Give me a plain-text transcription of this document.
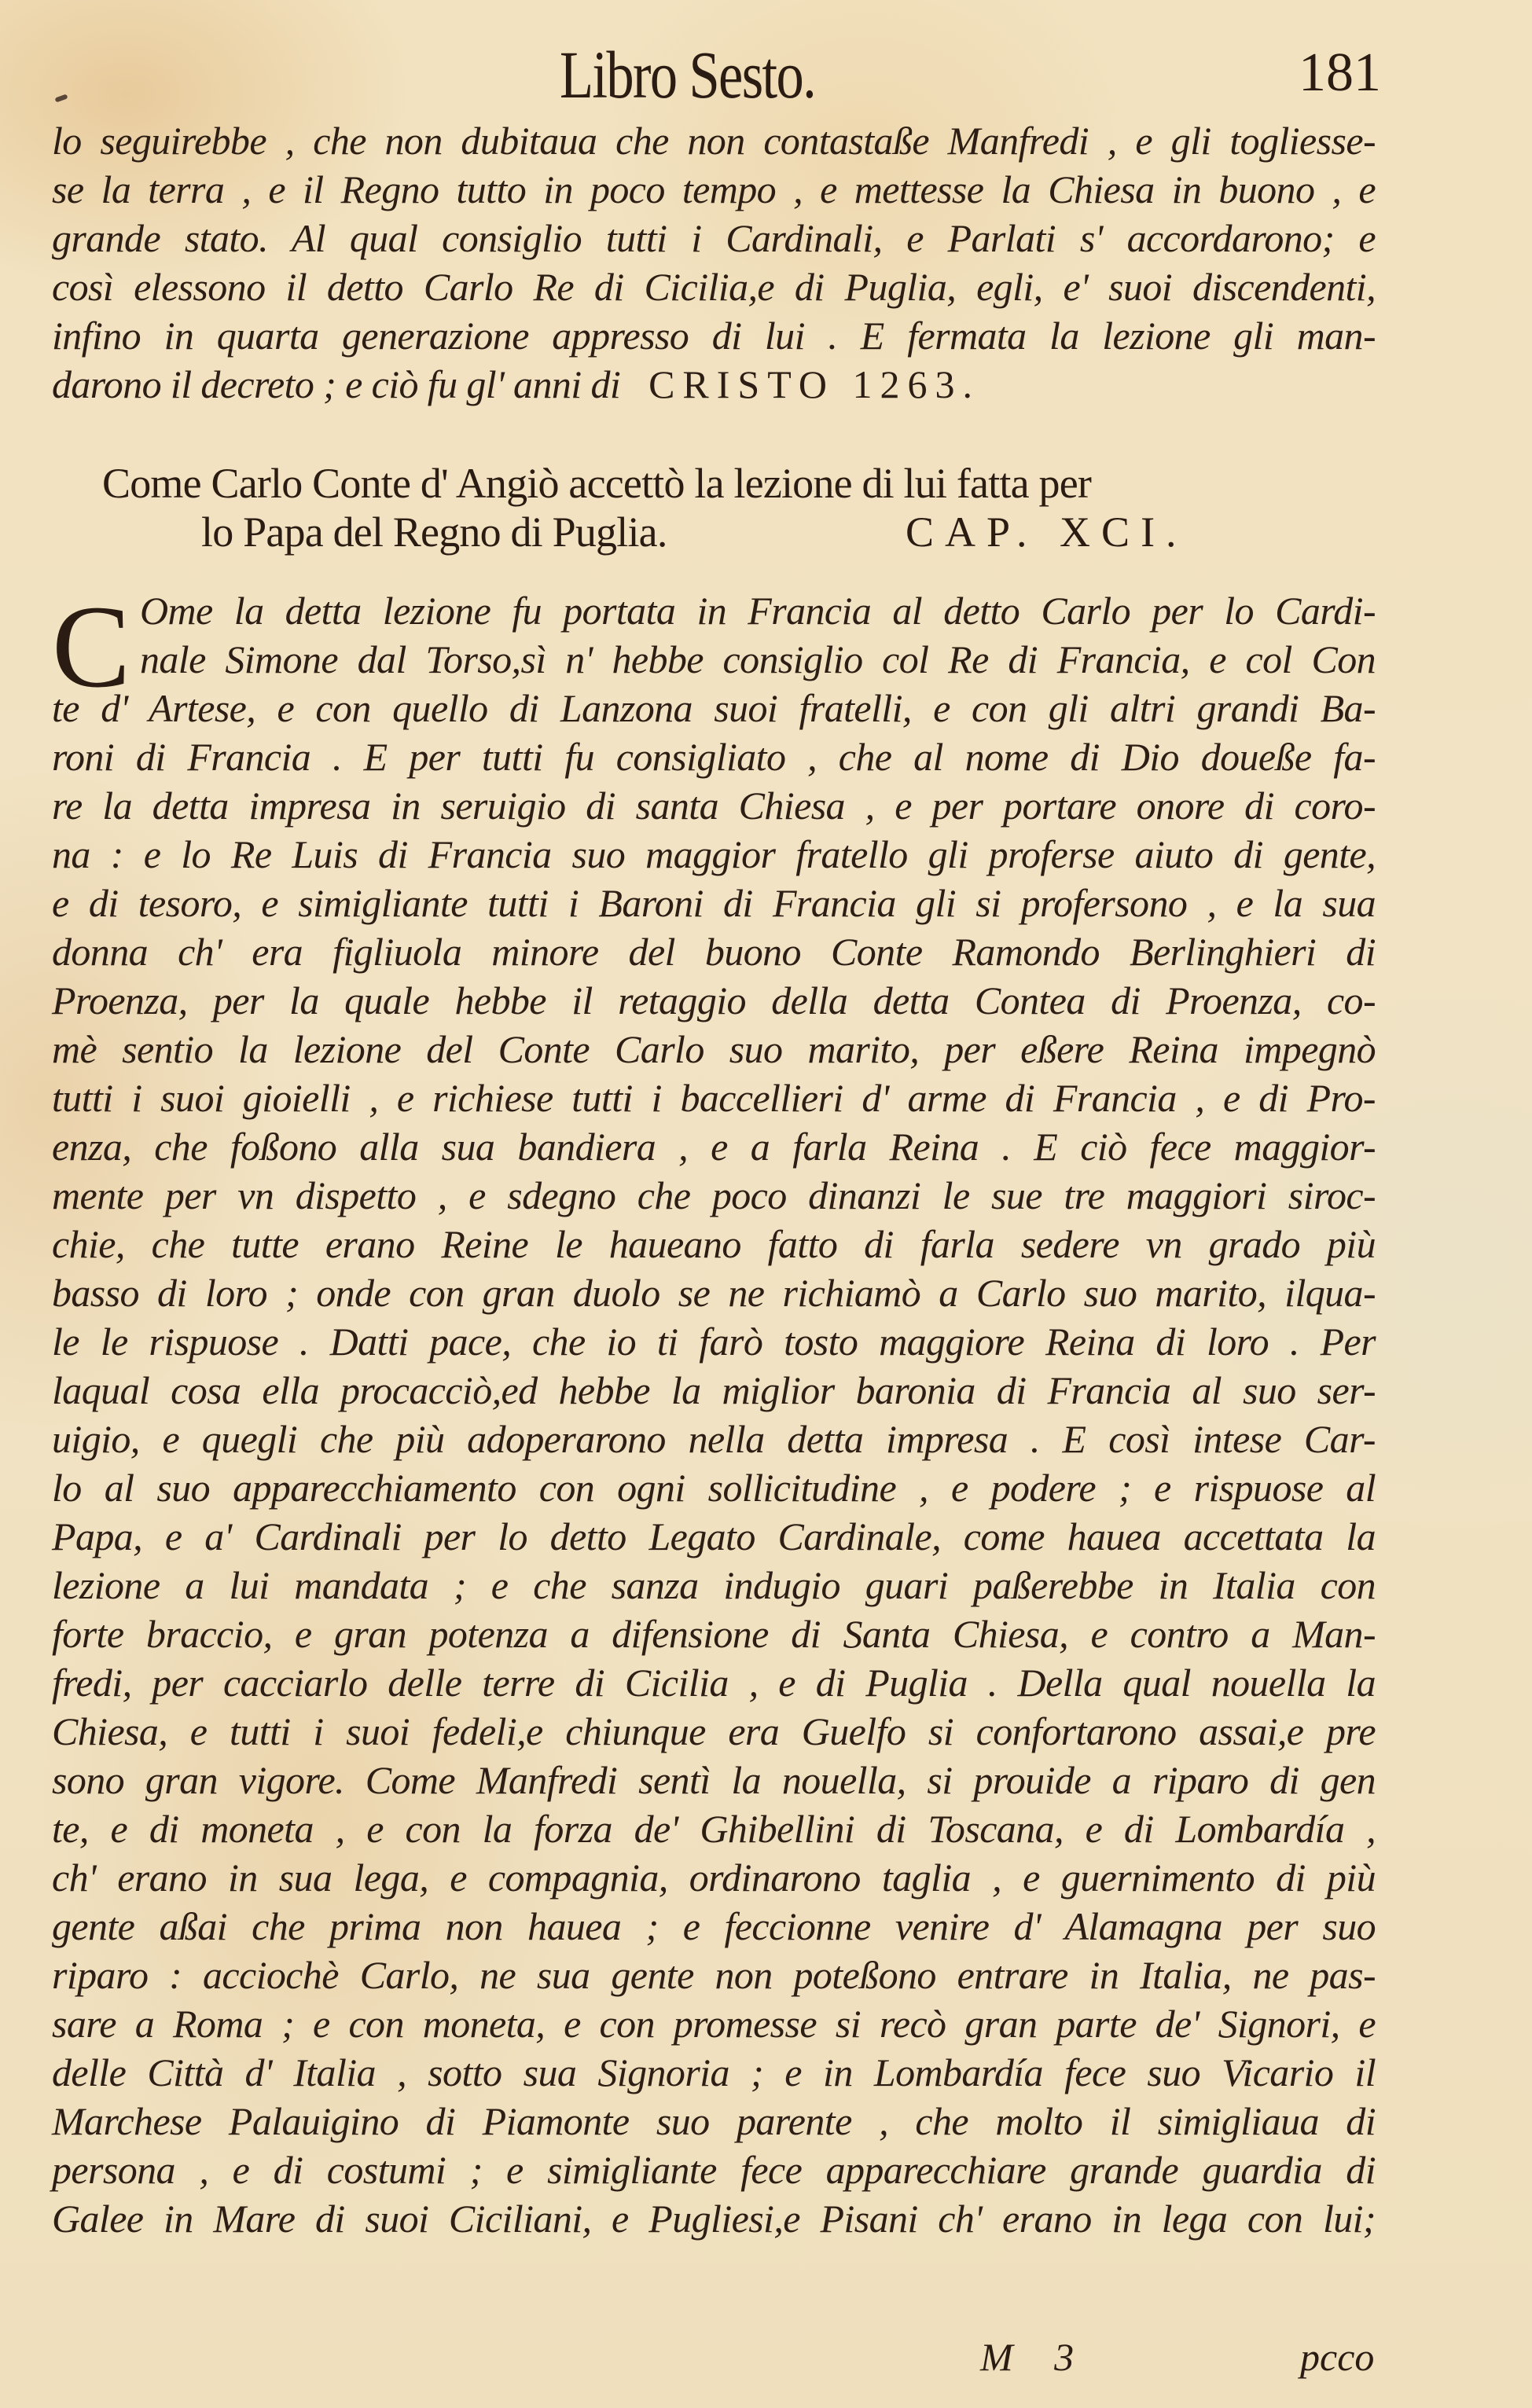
Libro Sesto.	181
lo seguirebbe , che non dubitaua che non contastaße Manfredi , e gli togliesse-
se la terra , e il Regno tutto in poco tempo , e mettesse la Chiesa in buono , e
grande stato. Al qual consiglio tutti i Cardinali, e Parlati s' accordarono; e
così elessono il detto Carlo Re di Cicilia,e di Puglia, egli, e' suoi discendenti,
infino in quarta generazione appresso di lui . E fermata la lezione gli man-
darono il decreto ; e ciò fu gl' anni di CRISTO 1263.
Come Carlo Conte d' Angiò accettò la lezione di lui fatta per
lo Papa del Regno di Puglia.	CAP. XCI.
C Ome la detta lezione fu portata in Francia al detto Carlo per lo Cardi-
nale Simone dal Torso,sì n' hebbe consiglio col Re di Francia, e col Con
te d' Artese, e con quello di Lanzona suoi fratelli, e con gli altri grandi Ba-
roni di Francia . E per tutti fu consigliato , che al nome di Dio doueße fa-
re la detta impresa in seruigio di santa Chiesa , e per portare onore di coro-
na : e lo Re Luis di Francia suo maggior fratello gli proferse aiuto di gente,
e di tesoro, e simigliante tutti i Baroni di Francia gli si profersono , e la sua
donna ch' era figliuola minore del buono Conte Ramondo Berlinghieri di
Proenza, per la quale hebbe il retaggio della detta Contea di Proenza, co-
mè sentio la lezione del Conte Carlo suo marito, per eßere Reina impegnò
tutti i suoi gioielli , e richiese tutti i baccellieri d' arme di Francia , e di Pro-
enza, che foßono alla sua bandiera , e a farla Reina . E ciò fece maggior-
mente per vn dispetto , e sdegno che poco dinanzi le sue tre maggiori siroc-
chie, che tutte erano Reine le haueano fatto di farla sedere vn grado più
basso di loro ; onde con gran duolo se ne richiamò a Carlo suo marito, ilqua-
le le rispuose . Datti pace, che io ti farò tosto maggiore Reina di loro . Per
laqual cosa ella procacciò,ed hebbe la miglior baronia di Francia al suo ser-
uigio, e quegli che più adoperarono nella detta impresa . E così intese Car-
lo al suo apparecchiamento con ogni sollicitudine , e podere ; e rispuose al
Papa, e a' Cardinali per lo detto Legato Cardinale, come hauea accettata la
lezione a lui mandata ; e che sanza indugio guari paßerebbe in Italia con
forte braccio, e gran potenza a difensione di Santa Chiesa, e contro a Man-
fredi, per cacciarlo delle terre di Cicilia , e di Puglia . Della qual nouella la
Chiesa, e tutti i suoi fedeli,e chiunque era Guelfo si confortarono assai,e pre
sono gran vigore. Come Manfredi sentì la nouella, si prouide a riparo di gen
te, e di moneta , e con la forza de' Ghibellini di Toscana, e di Lombardía ,
ch' erano in sua lega, e compagnia, ordinarono taglia , e guernimento di più
gente aßai che prima non hauea ; e feccionne venire d' Alamagna per suo
riparo : acciochè Carlo, ne sua gente non poteßono entrare in Italia, ne pas-
sare a Roma ; e con moneta, e con promesse si recò gran parte de' Signori, e
delle Città d' Italia , sotto sua Signoria ; e in Lombardía fece suo Vicario il
Marchese Palauigino di Piamonte suo parente , che molto il simigliaua di
persona , e di costumi ; e simigliante fece apparecchiare grande guardia di
Galee in Mare di suoi Ciciliani, e Pugliesi,e Pisani ch' erano in lega con lui;
M 3	pcco
